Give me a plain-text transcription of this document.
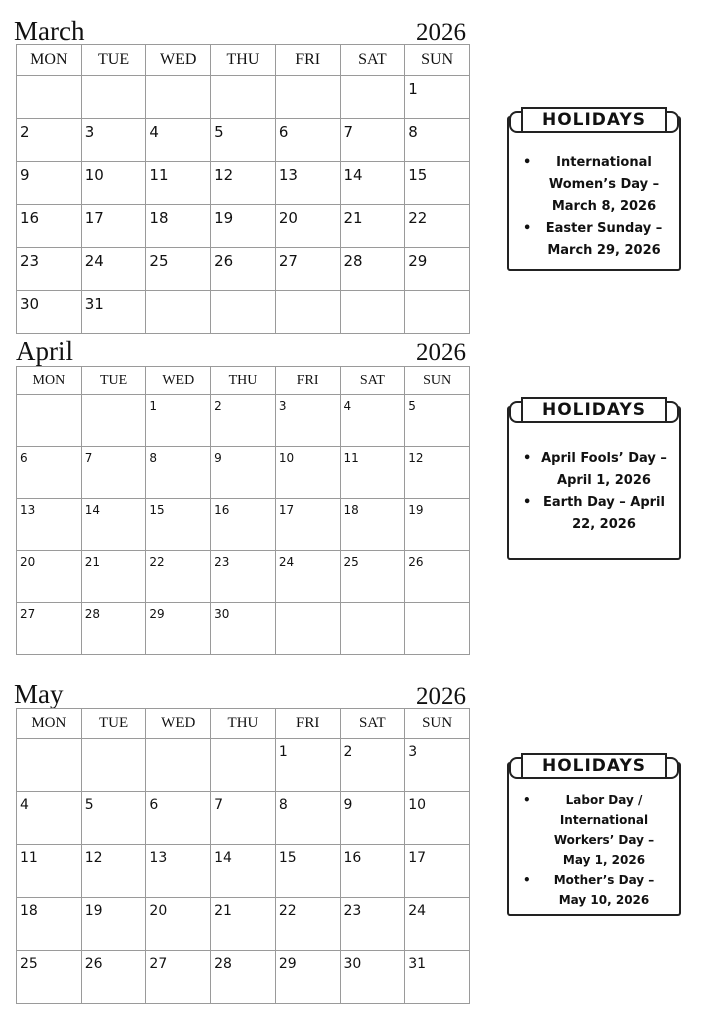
March	2026
MON	TUE	WED	THU	FRI	SAT	SUN
						1
2	3	4	5	6	7	8
9	10	11	12	13	14	15
16	17	18	19	20	21	22
23	24	25	26	27	28	29
30	31					
HOLIDAYS
• International Women’s Day – March 8, 2026
• Easter Sunday – March 29, 2026
April	2026
MON	TUE	WED	THU	FRI	SAT	SUN
		1	2	3	4	5
6	7	8	9	10	11	12
13	14	15	16	17	18	19
20	21	22	23	24	25	26
27	28	29	30			
HOLIDAYS
• April Fools’ Day – April 1, 2026
• Earth Day – April 22, 2026
May	2026
MON	TUE	WED	THU	FRI	SAT	SUN
				1	2	3
4	5	6	7	8	9	10
11	12	13	14	15	16	17
18	19	20	21	22	23	24
25	26	27	28	29	30	31
HOLIDAYS
• Labor Day / International Workers’ Day – May 1, 2026
• Mother’s Day – May 10, 2026
